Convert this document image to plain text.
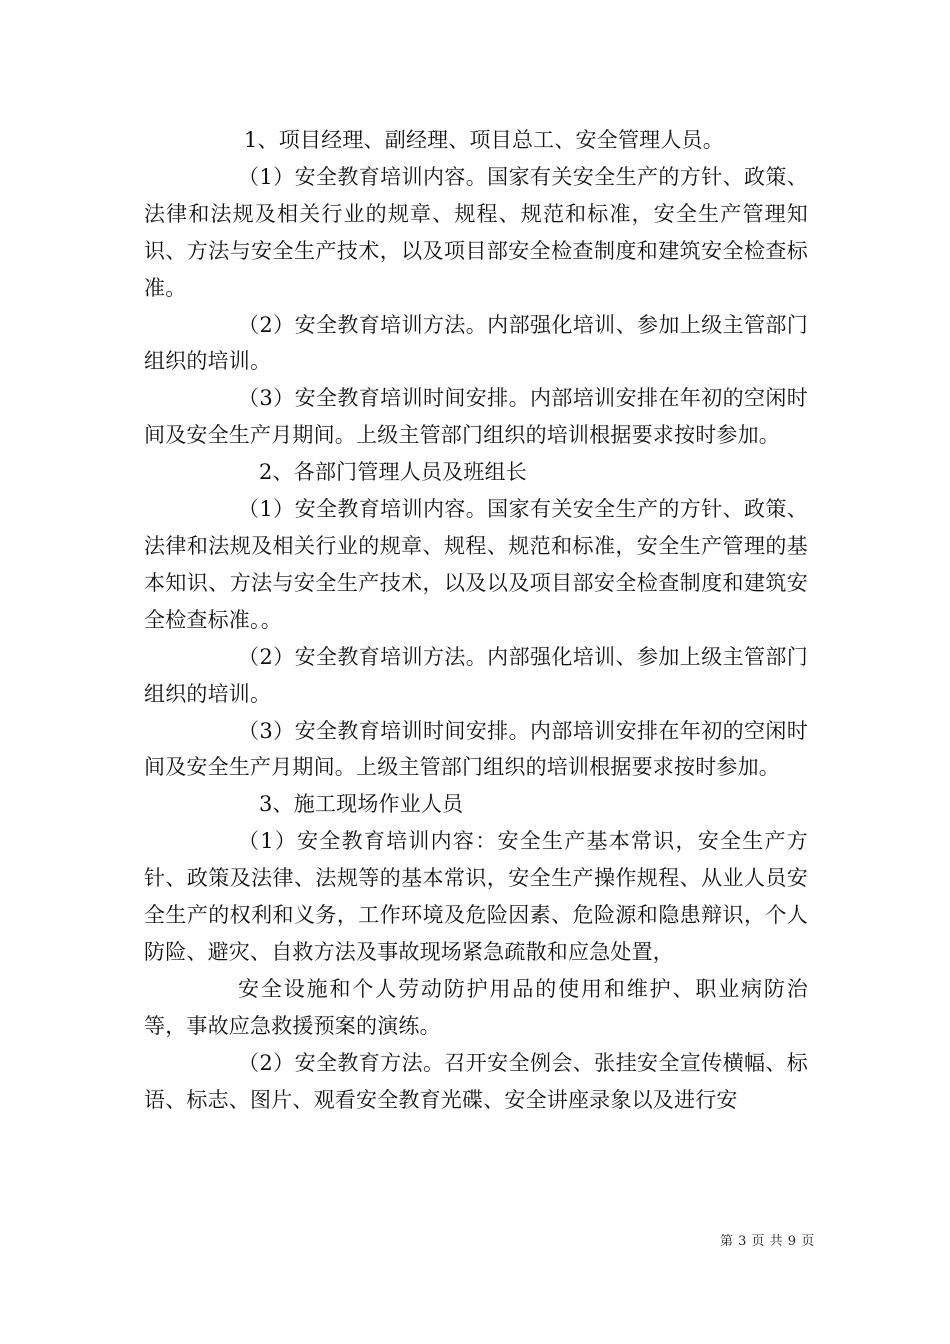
1、项目经理、副经理、项目总工、安全管理人员。

（1）安全教育培训内容。国家有关安全生产的方针、政策、法律和法规及相关行业的规章、规程、规范和标准，安全生产管理知识、方法与安全生产技术，以及项目部安全检查制度和建筑安全检查标准。

（2）安全教育培训方法。内部强化培训、参加上级主管部门组织的培训。

（3）安全教育培训时间安排。内部培训安排在年初的空闲时间及安全生产月期间。上级主管部门组织的培训根据要求按时参加。

2、各部门管理人员及班组长

（1）安全教育培训内容。国家有关安全生产的方针、政策、法律和法规及相关行业的规章、规程、规范和标准，安全生产管理的基本知识、方法与安全生产技术，以及以及项目部安全检查制度和建筑安全检查标准。。

（2）安全教育培训方法。内部强化培训、参加上级主管部门组织的培训。

（3）安全教育培训时间安排。内部培训安排在年初的空闲时间及安全生产月期间。上级主管部门组织的培训根据要求按时参加。

3、施工现场作业人员

（1）安全教育培训内容：安全生产基本常识，安全生产方针、政策及法律、法规等的基本常识，安全生产操作规程、从业人员安全生产的权利和义务，工作环境及危险因素、危险源和隐患辩识，个人防险、避灾、自救方法及事故现场紧急疏散和应急处置，

安全设施和个人劳动防护用品的使用和维护、职业病防治等，事故应急救援预案的演练。

（2）安全教育方法。召开安全例会、张挂安全宣传横幅、标语、标志、图片、观看安全教育光碟、安全讲座录象以及进行安

第 3 页 共 9 页
